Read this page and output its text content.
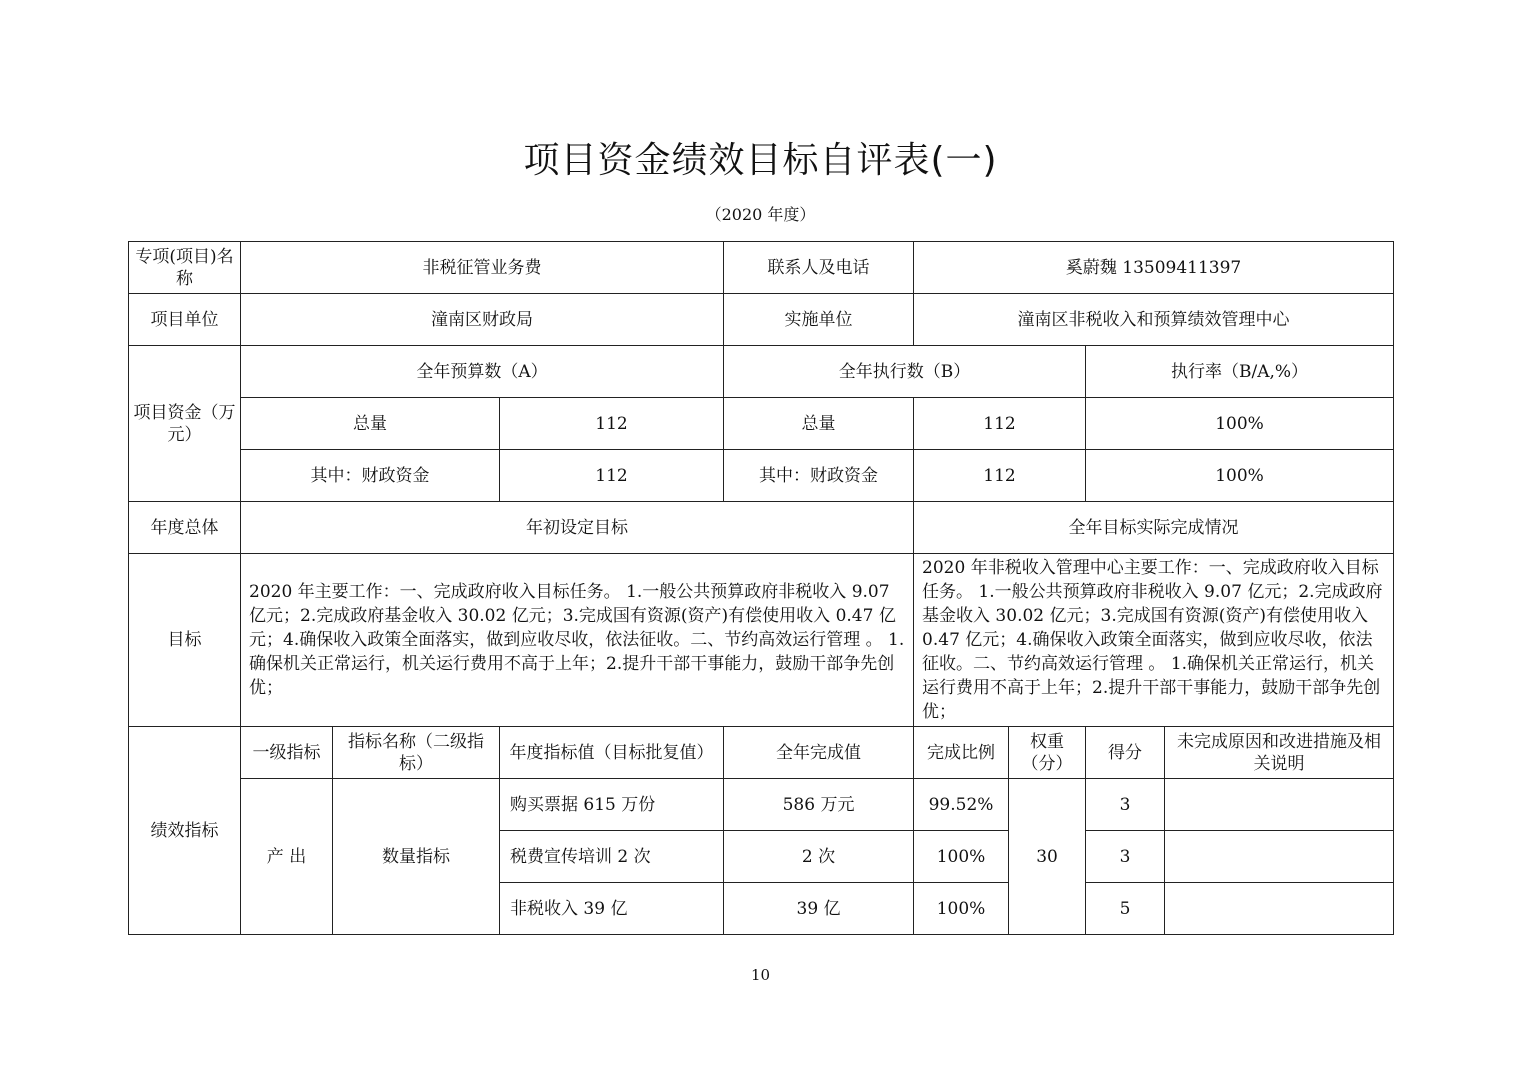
项目资金绩效目标自评表(一)
（2020 年度）
专项(项目)名称	非税征管业务费			联系人及电话	奚蔚魏 13509411397			
项目单位	潼南区财政局			实施单位	潼南区非税收入和预算绩效管理中心			
项目资金（万元）	全年预算数（A）			全年执行数（B）			执行率（B/A,%）	
	总量		112	总量	112		100%	
	其中：财政资金		112	其中：财政资金	112		100%	
年度总体	年初设定目标				全年目标实际完成情况			
目标	2020 年主要工作：一、完成政府收入目标任务。 1.一般公共预算政府非税收入 9.07 亿元；2.完成政府基金收入 30.02 亿元；3.完成国有资源(资产)有偿使用收入 0.47 亿元；4.确保收入政策全面落实，做到应收尽收，依法征收。二、节约高效运行管理 。 1.确保机关正常运行，机关运行费用不高于上年；2.提升干部干事能力，鼓励干部争先创优；				2020 年非税收入管理中心主要工作：一、完成政府收入目标任务。 1.一般公共预算政府非税收入 9.07 亿元；2.完成政府基金收入 30.02 亿元；3.完成国有资源(资产)有偿使用收入 0.47 亿元；4.确保收入政策全面落实，做到应收尽收，依法征收。二、节约高效运行管理 。 1.确保机关正常运行，机关运行费用不高于上年；2.提升干部干事能力，鼓励干部争先创优；			
绩效指标	一级指标	指标名称（二级指标）	年度指标值（目标批复值）	全年完成值	完成比例	权重（分）	得分	未完成原因和改进措施及相关说明
	产 出	数量指标	购买票据 615 万份	586 万元	99.52%	30	3	
			税费宣传培训 2 次	2 次	100%		3	
			非税收入 39 亿	39 亿	100%		5	
10
